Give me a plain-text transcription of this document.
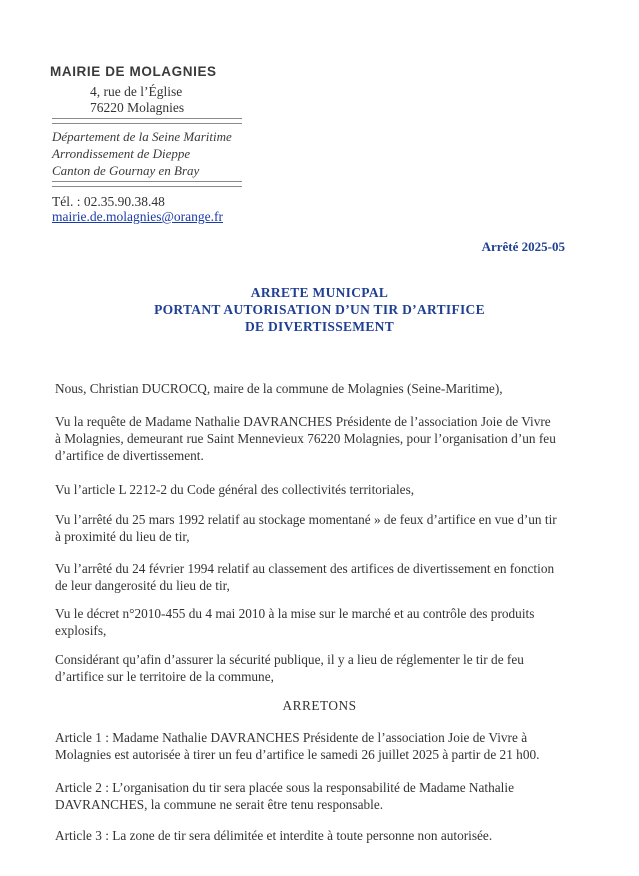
MAIRIE DE MOLAGNIES
4, rue de l’Église
76220 Molagnies
Département de la Seine Maritime
Arrondissement de Dieppe
Canton de Gournay en Bray
Tél. : 02.35.90.38.48
mairie.de.molagnies@orange.fr
Arrêté 2025-05
ARRETE MUNICPAL
PORTANT AUTORISATION D’UN TIR D’ARTIFICE
DE DIVERTISSEMENT
Nous, Christian DUCROCQ, maire de la commune de Molagnies (Seine-Maritime),
Vu la requête de Madame Nathalie DAVRANCHES Présidente de l’association Joie de Vivre
à Molagnies, demeurant rue Saint Mennevieux 76220 Molagnies, pour l’organisation d’un feu
d’artifice de divertissement.
Vu l’article L 2212-2 du Code général des collectivités territoriales,
Vu l’arrêté du 25 mars 1992 relatif au stockage momentané » de feux d’artifice en vue d’un tir
à proximité du lieu de tir,
Vu l’arrêté du 24 février 1994 relatif au classement des artifices de divertissement en fonction
de leur dangerosité du lieu de tir,
Vu le décret n°2010-455 du 4 mai 2010 à la mise sur le marché et au contrôle des produits
explosifs,
Considérant qu’afin d’assurer la sécurité publique, il y a lieu de réglementer le tir de feu
d’artifice sur le territoire de la commune,
ARRETONS
Article 1 : Madame Nathalie DAVRANCHES Présidente de l’association Joie de Vivre à
Molagnies est autorisée à tirer un feu d’artifice le samedi 26 juillet 2025 à partir de 21 h00.
Article 2 : L’organisation du tir sera placée sous la responsabilité de Madame Nathalie
DAVRANCHES, la commune ne serait être tenu responsable.
Article 3 : La zone de tir sera délimitée et interdite à toute personne non autorisée.
